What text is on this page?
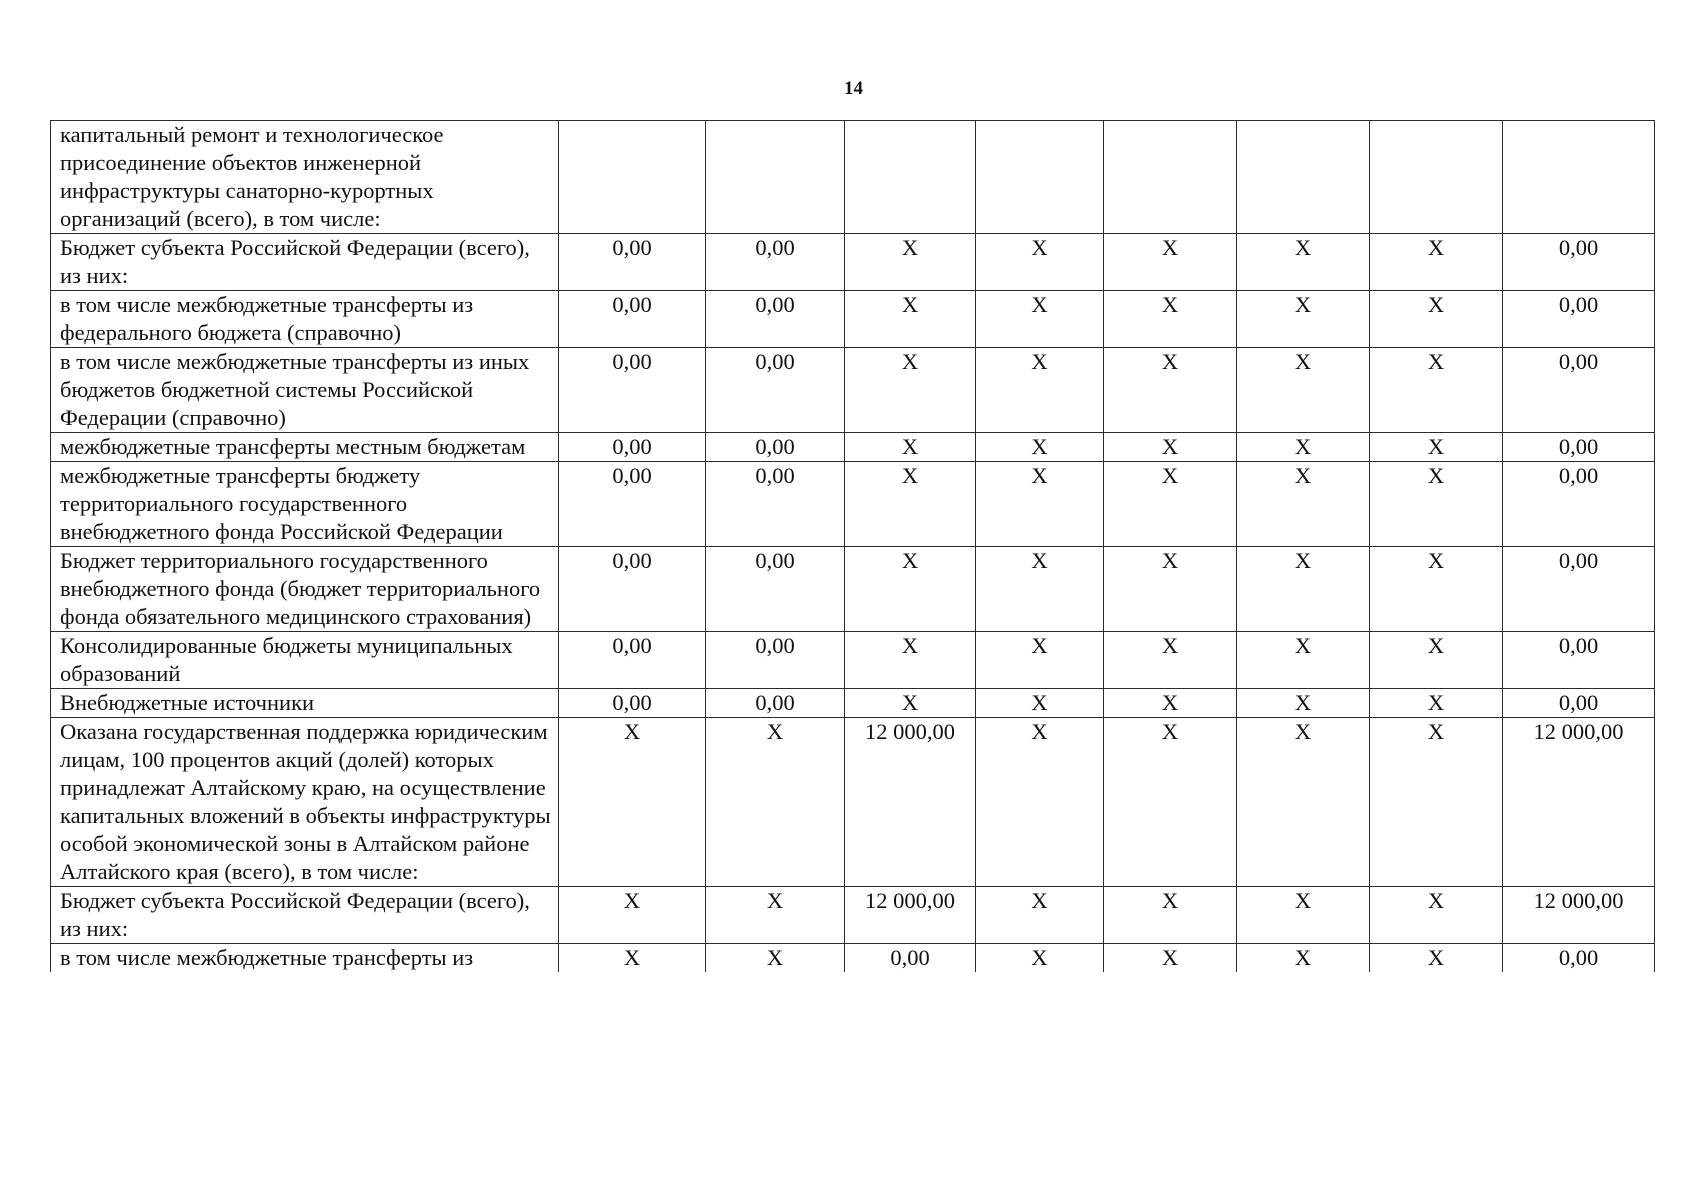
14
капитальный ремонт и технологическое присоединение объектов инженерной инфраструктуры санаторно-курортных организаций (всего), в том числе:								
Бюджет субъекта Российской Федерации (всего), из них:	0,00	0,00	X	X	X	X	X	0,00
в том числе межбюджетные трансферты из федерального бюджета (справочно)	0,00	0,00	X	X	X	X	X	0,00
в том числе межбюджетные трансферты из иных бюджетов бюджетной системы Российской Федерации (справочно)	0,00	0,00	X	X	X	X	X	0,00
межбюджетные трансферты местным бюджетам	0,00	0,00	X	X	X	X	X	0,00
межбюджетные трансферты бюджету территориального государственного внебюджетного фонда Российской Федерации	0,00	0,00	X	X	X	X	X	0,00
Бюджет территориального государственного внебюджетного фонда (бюджет территориального фонда обязательного медицинского страхования)	0,00	0,00	X	X	X	X	X	0,00
Консолидированные бюджеты муниципальных образований	0,00	0,00	X	X	X	X	X	0,00
Внебюджетные источники	0,00	0,00	X	X	X	X	X	0,00
Оказана государственная поддержка юридическим лицам, 100 процентов акций (долей) которых принадлежат Алтайскому краю, на осуществление капитальных вложений в объекты инфраструктуры особой экономической зоны в Алтайском районе Алтайского края (всего), в том числе:	X	X	12 000,00	X	X	X	X	12 000,00
Бюджет субъекта Российской Федерации (всего), из них:	X	X	12 000,00	X	X	X	X	12 000,00
в том числе межбюджетные трансферты из	X	X	0,00	X	X	X	X	0,00
